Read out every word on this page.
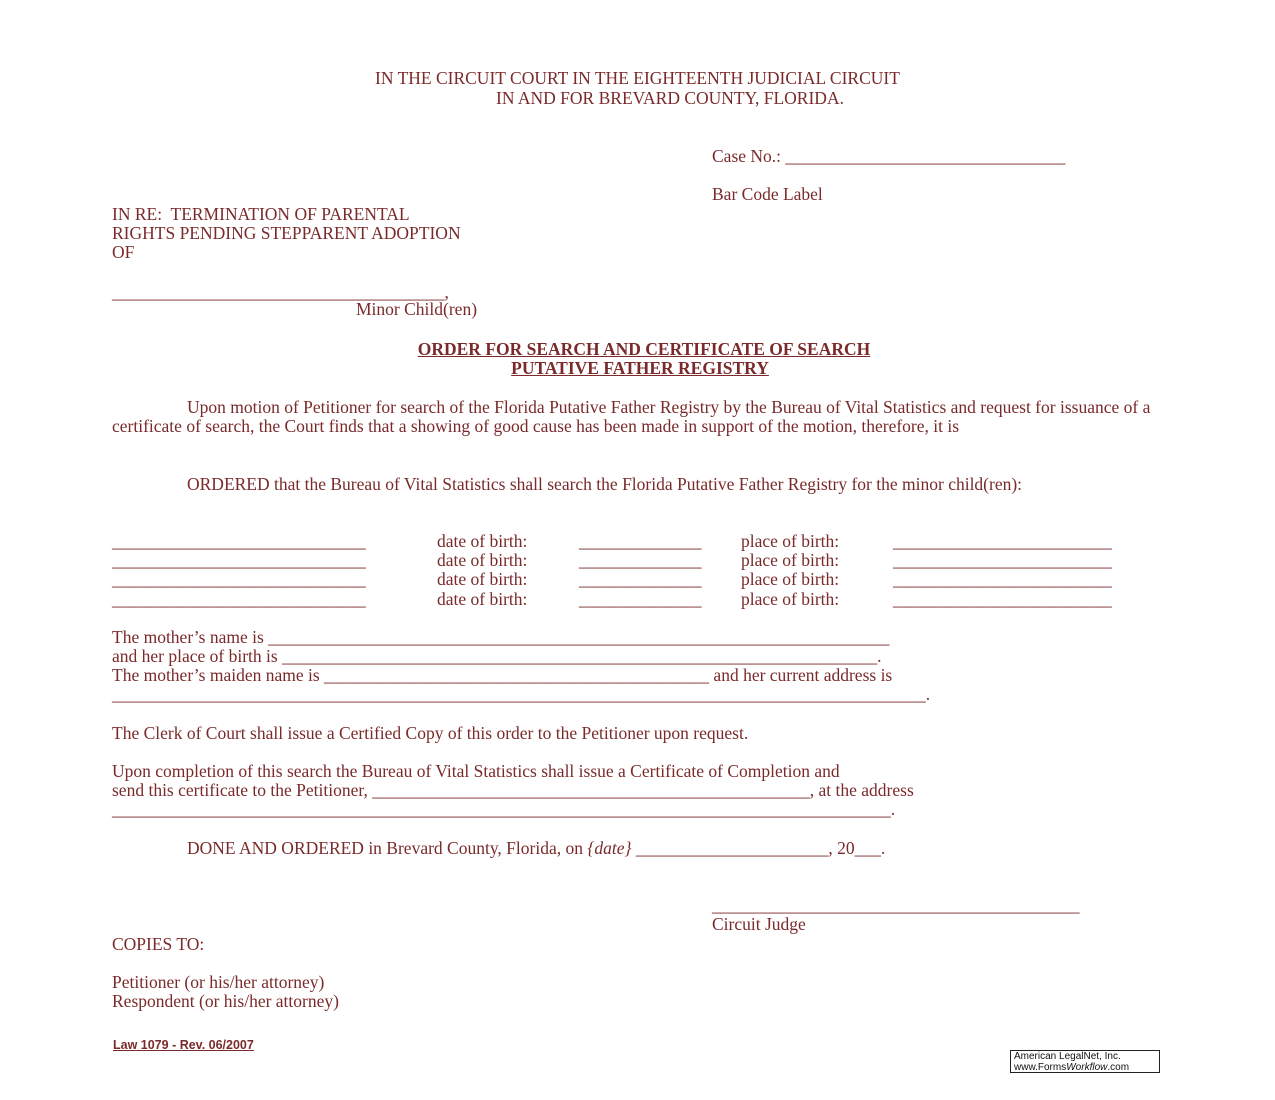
IN THE CIRCUIT COURT IN THE EIGHTEENTH JUDICIAL CIRCUIT
IN AND FOR BREVARD COUNTY, FLORIDA.
Case No.: ________________________________
Bar Code Label
IN RE:  TERMINATION OF PARENTAL
RIGHTS PENDING STEPPARENT ADOPTION
OF
______________________________________,
Minor Child(ren)
ORDER FOR SEARCH AND CERTIFICATE OF SEARCH
PUTATIVE FATHER REGISTRY
Upon motion of Petitioner for search of the Florida Putative Father Registry by the Bureau of Vital Statistics and request for issuance of a certificate of search, the Court finds that a showing of good cause has been made in support of the motion, therefore, it is
ORDERED that the Bureau of Vital Statistics shall search the Florida Putative Father Registry for the minor child(ren):
_____________________________	date of birth:	______________ place of birth:	_________________________
_____________________________	date of birth:	______________ place of birth:	_________________________
_____________________________	date of birth:	______________ place of birth:	_________________________
_____________________________	date of birth:	______________ place of birth:	_________________________
The mother’s name is _______________________________________________________________________
and her place of birth is ____________________________________________________________________.
The mother’s maiden name is ____________________________________________ and her current address is
_____________________________________________________________________________________________.
The Clerk of Court shall issue a Certified Copy of this order to the Petitioner upon request.
Upon completion of this search the Bureau of Vital Statistics shall issue a Certificate of Completion and
send this certificate to the Petitioner, __________________________________________________, at the address
_________________________________________________________________________________________.
DONE AND ORDERED in Brevard County, Florida, on {date} ______________________, 20___.
__________________________________________
Circuit Judge
COPIES TO:
Petitioner (or his/her attorney)
Respondent (or his/her attorney)
Law 1079 - Rev. 06/2007
American LegalNet, Inc.
www.FormsWorkflow.com
